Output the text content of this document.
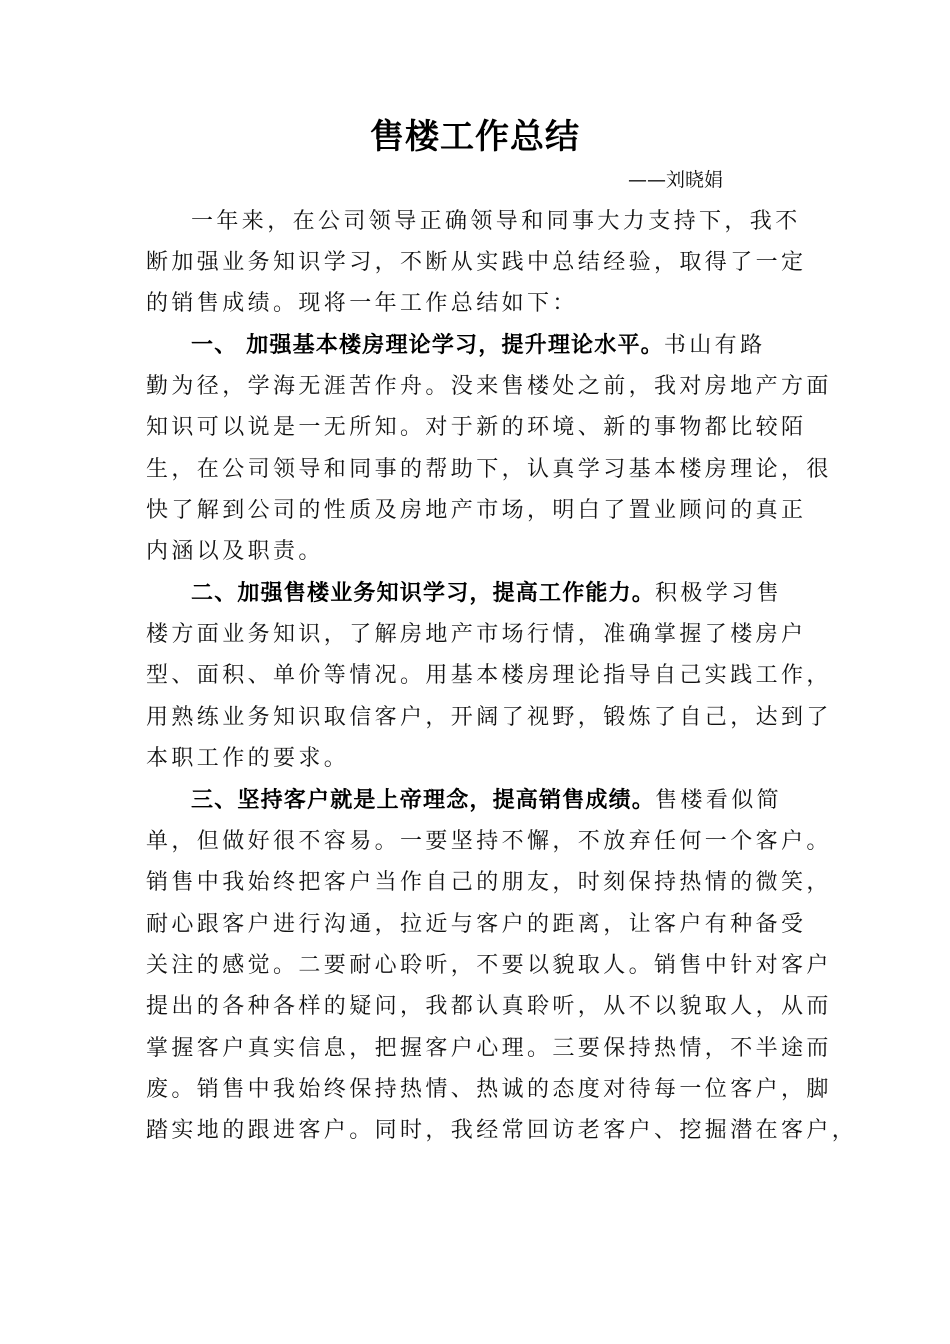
售楼工作总结
——刘晓娟
一年来，在公司领导正确领导和同事大力支持下，我不
断加强业务知识学习，不断从实践中总结经验，取得了一定
的销售成绩。现将一年工作总结如下：
一、 加强基本楼房理论学习，提升理论水平。书山有路
勤为径，学海无涯苦作舟。没来售楼处之前，我对房地产方面
知识可以说是一无所知。对于新的环境、新的事物都比较陌
生，在公司领导和同事的帮助下，认真学习基本楼房理论，很
快了解到公司的性质及房地产市场，明白了置业顾问的真正
内涵以及职责。
二、加强售楼业务知识学习，提高工作能力。积极学习售
楼方面业务知识，了解房地产市场行情，准确掌握了楼房户
型、面积、单价等情况。用基本楼房理论指导自己实践工作，
用熟练业务知识取信客户，开阔了视野，锻炼了自己，达到了
本职工作的要求。
三、坚持客户就是上帝理念，提高销售成绩。售楼看似简
单，但做好很不容易。一要坚持不懈，不放弃任何一个客户。
销售中我始终把客户当作自己的朋友，时刻保持热情的微笑，
耐心跟客户进行沟通，拉近与客户的距离，让客户有种备受
关注的感觉。二要耐心聆听，不要以貌取人。销售中针对客户
提出的各种各样的疑问，我都认真聆听，从不以貌取人，从而
掌握客户真实信息，把握客户心理。三要保持热情，不半途而
废。销售中我始终保持热情、热诚的态度对待每一位客户，脚
踏实地的跟进客户。同时，我经常回访老客户、挖掘潜在客户，
